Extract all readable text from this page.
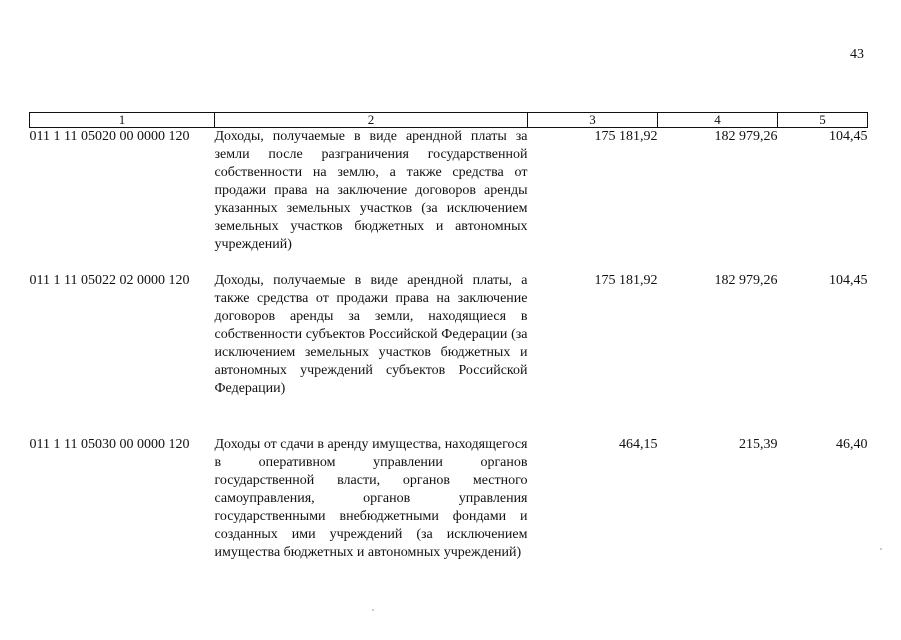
43
1	2	3	4	5
011 1 11 05020 00 0000 120	Доходы, получаемые в виде арендной платы за земли после разграничения государственной собственности на землю, а также средства от продажи права на заключение договоров аренды указанных земельных участков (за исключением земельных участков бюджетных и автономных учреждений)	175 181,92	182 979,26	104,45
011 1 11 05022 02 0000 120	Доходы, получаемые в виде арендной платы, а также средства от продажи права на заключение договоров аренды за земли, находящиеся в собственности субъектов Российской Федерации (за исключением земельных участков бюджетных и автономных учреждений субъектов Российской Федерации)	175 181,92	182 979,26	104,45
011 1 11 05030 00 0000 120	Доходы от сдачи в аренду имущества, находящегося в оперативном управлении органов государственной власти, органов местного самоуправления, органов управления государственными внебюджетными фондами и созданных ими учреждений (за исключением имущества бюджетных и автономных учреждений)	464,15	215,39	46,40
